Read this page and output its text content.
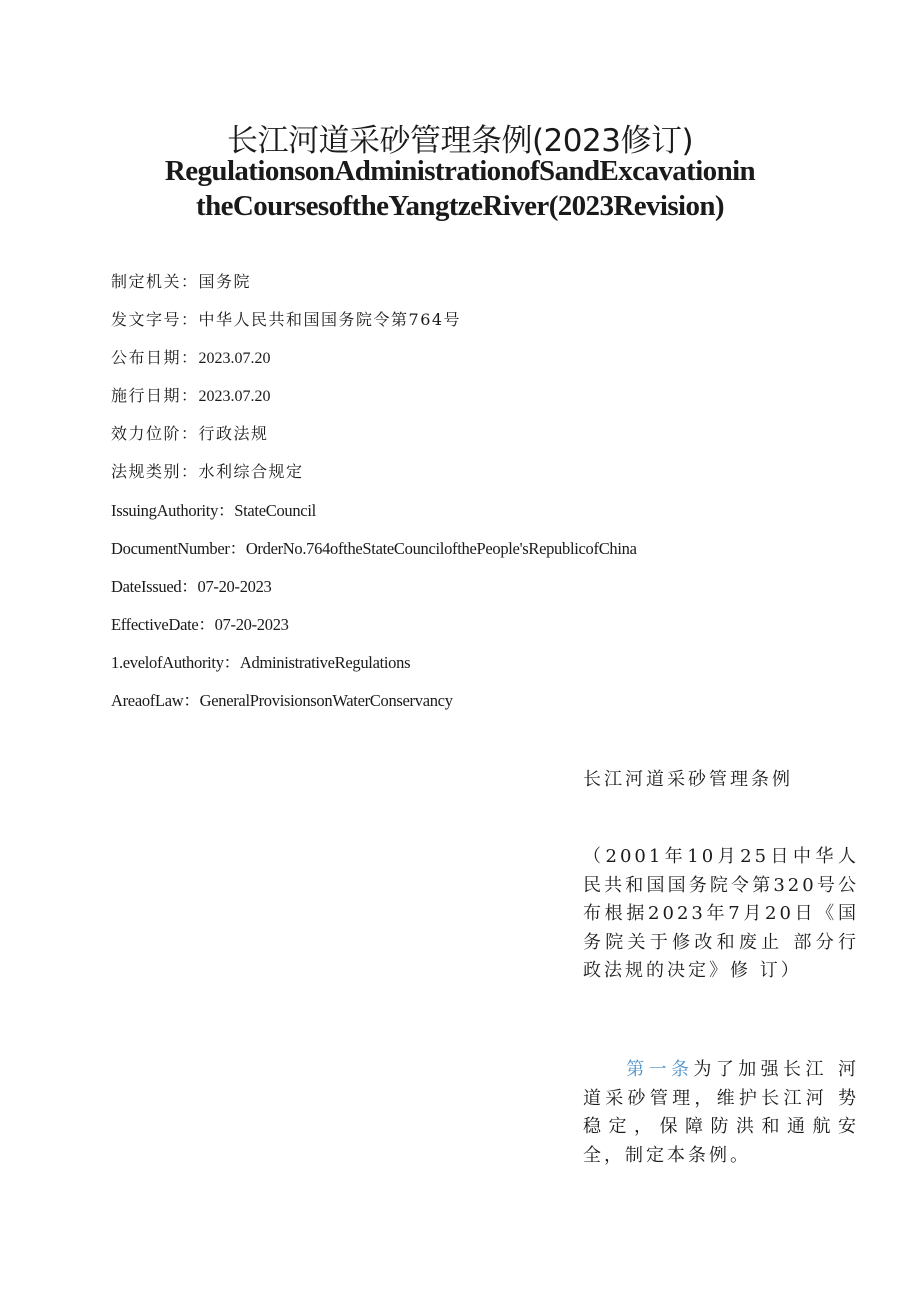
长江河道采砂管理条例(2023修订)
RegulationsonAdministrationofSandExcavationin
theCoursesoftheYangtzeRiver(2023Revision)
制定机关：国务院
发文字号：中华人民共和国国务院令第764号
公布日期：2023.07.20
施行日期：2023.07.20
效力位阶：行政法规
法规类别：水利综合规定
IssuingAuthority：StateCouncil
DocumentNumber：OrderNo.764oftheStateCouncilofthePeople'sRepublicofChina
DateIssued：07-20-2023
EffectiveDate：07-20-2023
1.evelofAuthority：AdministrativeRegulations
AreaofLaw：GeneralProvisionsonWaterConservancy
长江河道采砂管理条例
（2001年10月25日中华人民共和国国务院令第320号公布根据2023年7月20日《国务院关于修改和废止 部分行政法规的决定》修 订）
第一条为了加强长江 河道采砂管理，维护长江河 势稳定，保障防洪和通航安 全，制定本条例。
